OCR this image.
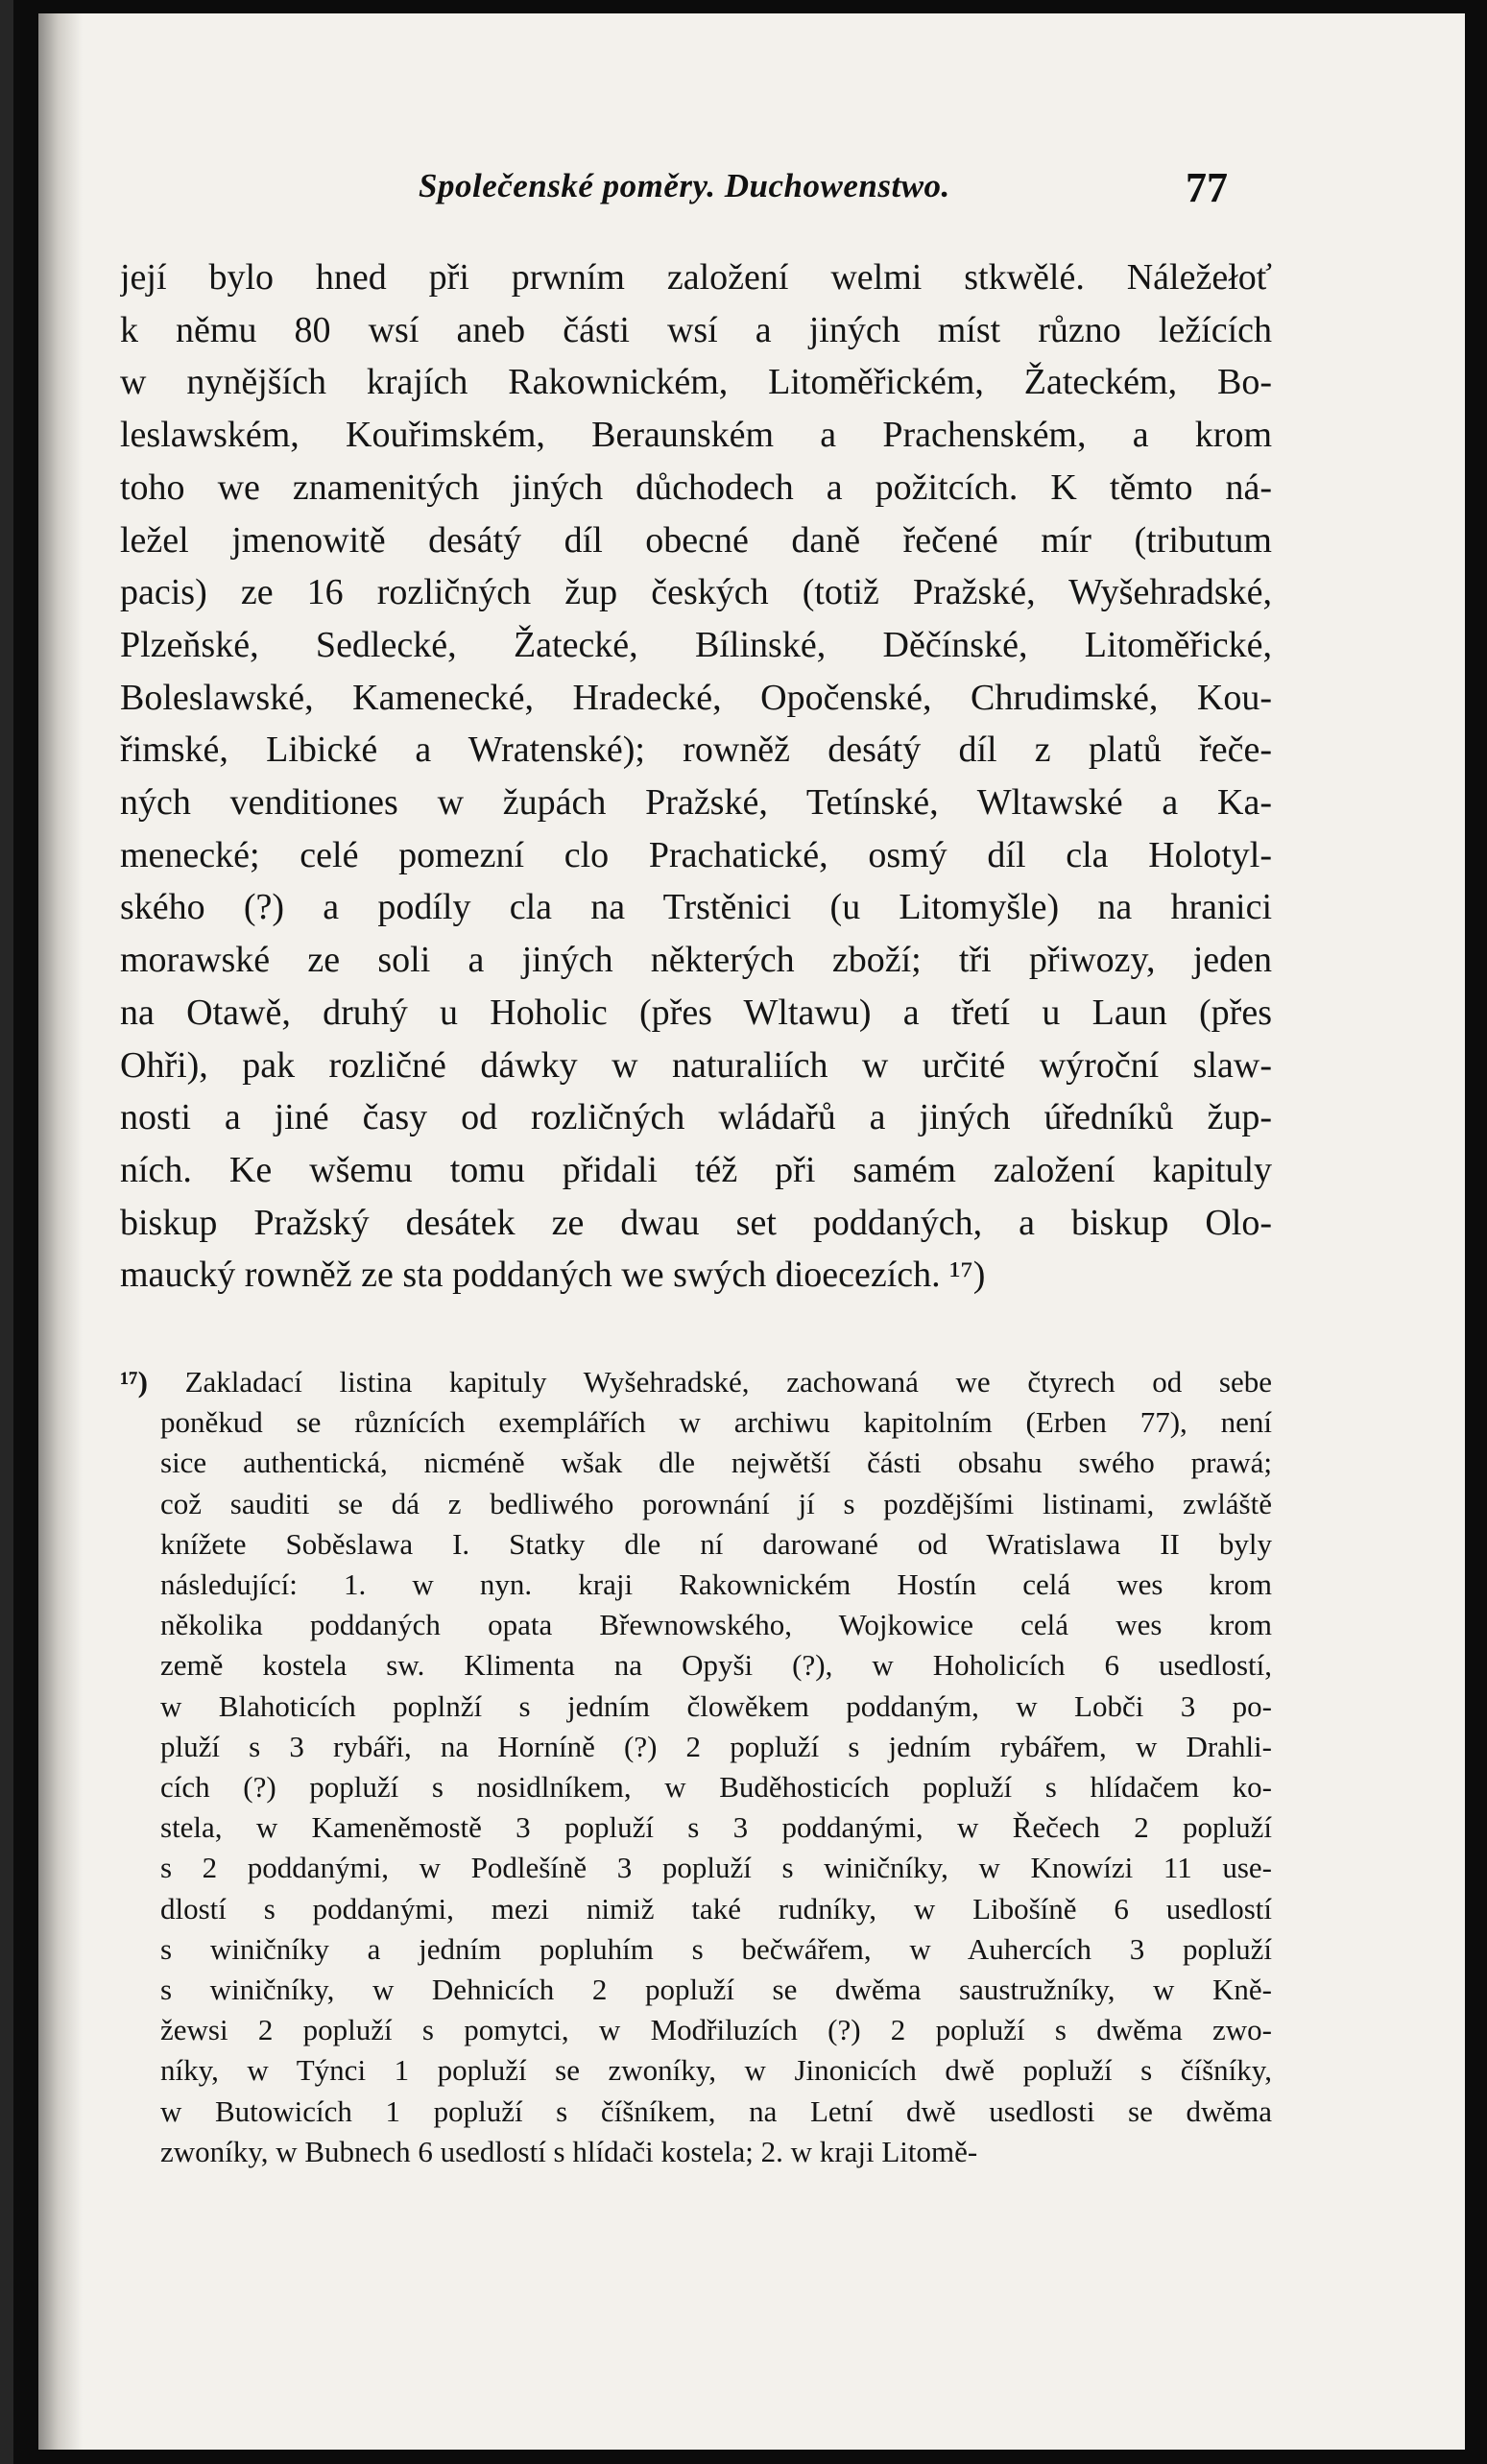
Společenské poměry. Duchowenstwo.	77
její bylo hned při prwním založení welmi stkwělé. Náležełoť
k němu 80 wsí aneb části wsí a jiných míst různo ležících
w nynějších krajích Rakownickém, Litoměřickém, Žateckém, Bo-
leslawském, Kouřimském, Beraunském a Prachenském, a krom
toho we znamenitých jiných důchodech a požitcích. K těmto ná-
ležel jmenowitě desátý díl obecné daně řečené mír (tributum
pacis) ze 16 rozličných žup českých (totiž Pražské, Wyšehradské,
Plzeňské, Sedlecké, Žatecké, Bílinské, Děčínské, Litoměřické,
Boleslawské, Kamenecké, Hradecké, Opočenské, Chrudimské, Kou-
řimské, Libické a Wratenské); rowněž desátý díl z platů řeče-
ných venditiones w župách Pražské, Tetínské, Wltawské a Ka-
menecké; celé pomezní clo Prachatické, osmý díl cla Holotyl-
ského (?) a podíly cla na Trstěnici (u Litomyšle) na hranici
morawské ze soli a jiných některých zboží; tři přiwozy, jeden
na Otawě, druhý u Hoholic (přes Wltawu) a třetí u Laun (přes
Ohři), pak rozličné dáwky w naturaliích w určité wýroční slaw-
nosti a jiné časy od rozličných wládařů a jiných úředníků žup-
ních. Ke wšemu tomu přidali též při samém založení kapituly
biskup Pražský desátek ze dwau set poddaných, a biskup Olo-
maucký rowněž ze sta poddaných we swých dioecezích. ¹⁷)
¹⁷) Zakladací listina kapituly Wyšehradské, zachowaná we čtyrech od sebe
poněkud se různících exemplářích w archiwu kapitolním (Erben 77), není
sice authentická, nicméně wšak dle nejwětší části obsahu swého prawá;
což sauditi se dá z bedliwého porownání jí s pozdějšími listinami, zwláště
knížete Soběslawa I. Statky dle ní darowané od Wratislawa II byly
následující: 1. w nyn. kraji Rakownickém Hostín celá wes krom
několika poddaných opata Břewnowského, Wojkowice celá wes krom
země kostela sw. Klimenta na Opyši (?), w Hoholicích 6 usedlostí,
w Blahoticích poplnží s jedním člowěkem poddaným, w Lobči 3 po-
pluží s 3 rybáři, na Horníně (?) 2 popluží s jedním rybářem, w Drahli-
cích (?) popluží s nosidlníkem, w Buděhosticích popluží s hlídačem ko-
stela, w Kameněmostě 3 popluží s 3 poddanými, w Řečech 2 popluží
s 2 poddanými, w Podlešíně 3 popluží s winičníky, w Knowízi 11 use-
dlostí s poddanými, mezi nimiž také rudníky, w Libošíně 6 usedlostí
s winičníky a jedním popluhím s bečwářem, w Auhercích 3 popluží
s winičníky, w Dehnicích 2 popluží se dwěma saustružníky, w Kně-
žewsi 2 popluží s pomytci, w Modřiluzích (?) 2 popluží s dwěma zwo-
níky, w Týnci 1 popluží se zwoníky, w Jinonicích dwě popluží s číšníky,
w Butowicích 1 popluží s číšníkem, na Letní dwě usedlosti se dwěma
zwoníky, w Bubnech 6 usedlostí s hlídači kostela; 2. w kraji Litomě-
